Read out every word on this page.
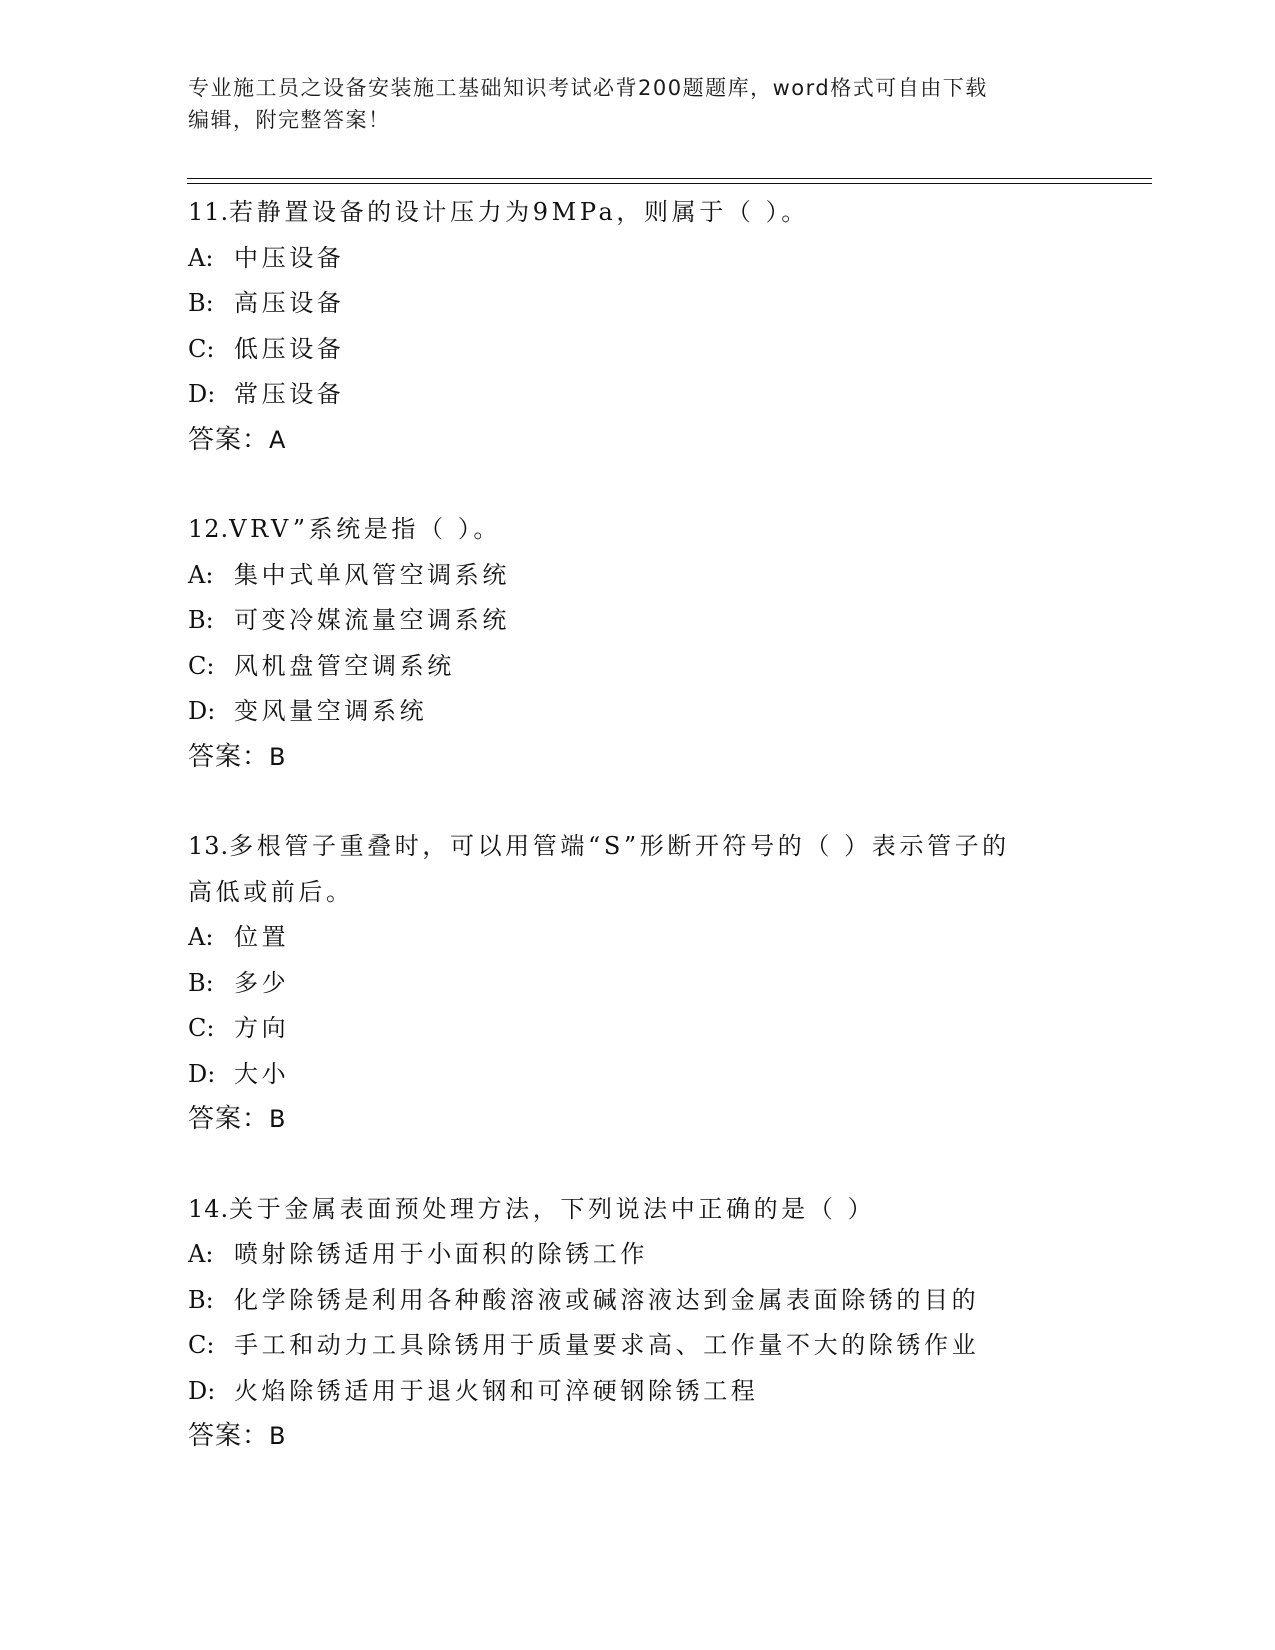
专业施工员之设备安装施工基础知识考试必背200题题库，word格式可自由下载
编辑，附完整答案！
11.若静置设备的设计压力为9MPa，则属于（ ）。
A: 中压设备
B: 高压设备
C: 低压设备
D: 常压设备
答案：A
12.VRV”系统是指（ ）。
A: 集中式单风管空调系统
B: 可变冷媒流量空调系统
C: 风机盘管空调系统
D: 变风量空调系统
答案：B
13.多根管子重叠时，可以用管端“S”形断开符号的（ ）表示管子的
高低或前后。
A: 位置
B: 多少
C: 方向
D: 大小
答案：B
14.关于金属表面预处理方法，下列说法中正确的是（ ）
A: 喷射除锈适用于小面积的除锈工作
B: 化学除锈是利用各种酸溶液或碱溶液达到金属表面除锈的目的
C: 手工和动力工具除锈用于质量要求高、工作量不大的除锈作业
D: 火焰除锈适用于退火钢和可淬硬钢除锈工程
答案：B
